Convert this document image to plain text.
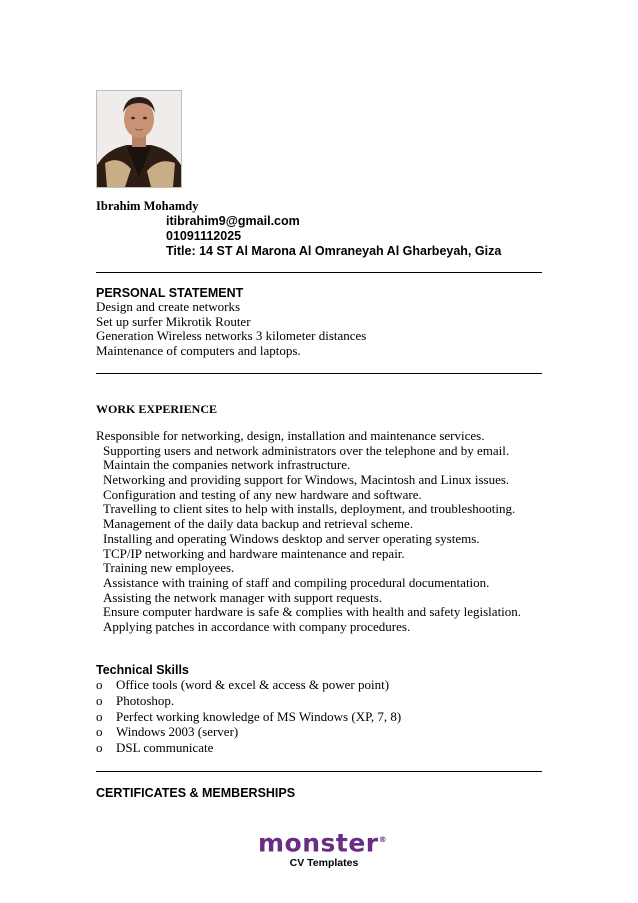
Ibrahim Mohamdy
itibrahim9@gmail.com
01091112025
Title: 14 ST Al Marona Al Omraneyah Al Gharbeyah, Giza
PERSONAL STATEMENT
Design and create networks
Set up surfer Mikrotik Router
Generation Wireless networks 3 kilometer distances
Maintenance of computers and laptops.
WORK EXPERIENCE
Responsible for networking, design, installation and maintenance services.
Supporting users and network administrators over the telephone and by email.
Maintain the companies network infrastructure.
Networking and providing support for Windows, Macintosh and Linux issues.
Configuration and testing of any new hardware and software.
Travelling to client sites to help with installs, deployment, and troubleshooting.
Management of the daily data backup and retrieval scheme.
Installing and operating Windows desktop and server operating systems.
TCP/IP networking and hardware maintenance and repair.
Training new employees.
Assistance with training of staff and compiling procedural documentation.
Assisting the network manager with support requests.
Ensure computer hardware is safe & complies with health and safety legislation.
Applying patches in accordance with company procedures.
Technical Skills
o Office tools (word & excel & access & power point)
o Photoshop.
o Perfect working knowledge of MS Windows (XP, 7, 8)
o Windows 2003 (server)
o DSL communicate
CERTIFICATES & MEMBERSHIPS
monster®
CV Templates
